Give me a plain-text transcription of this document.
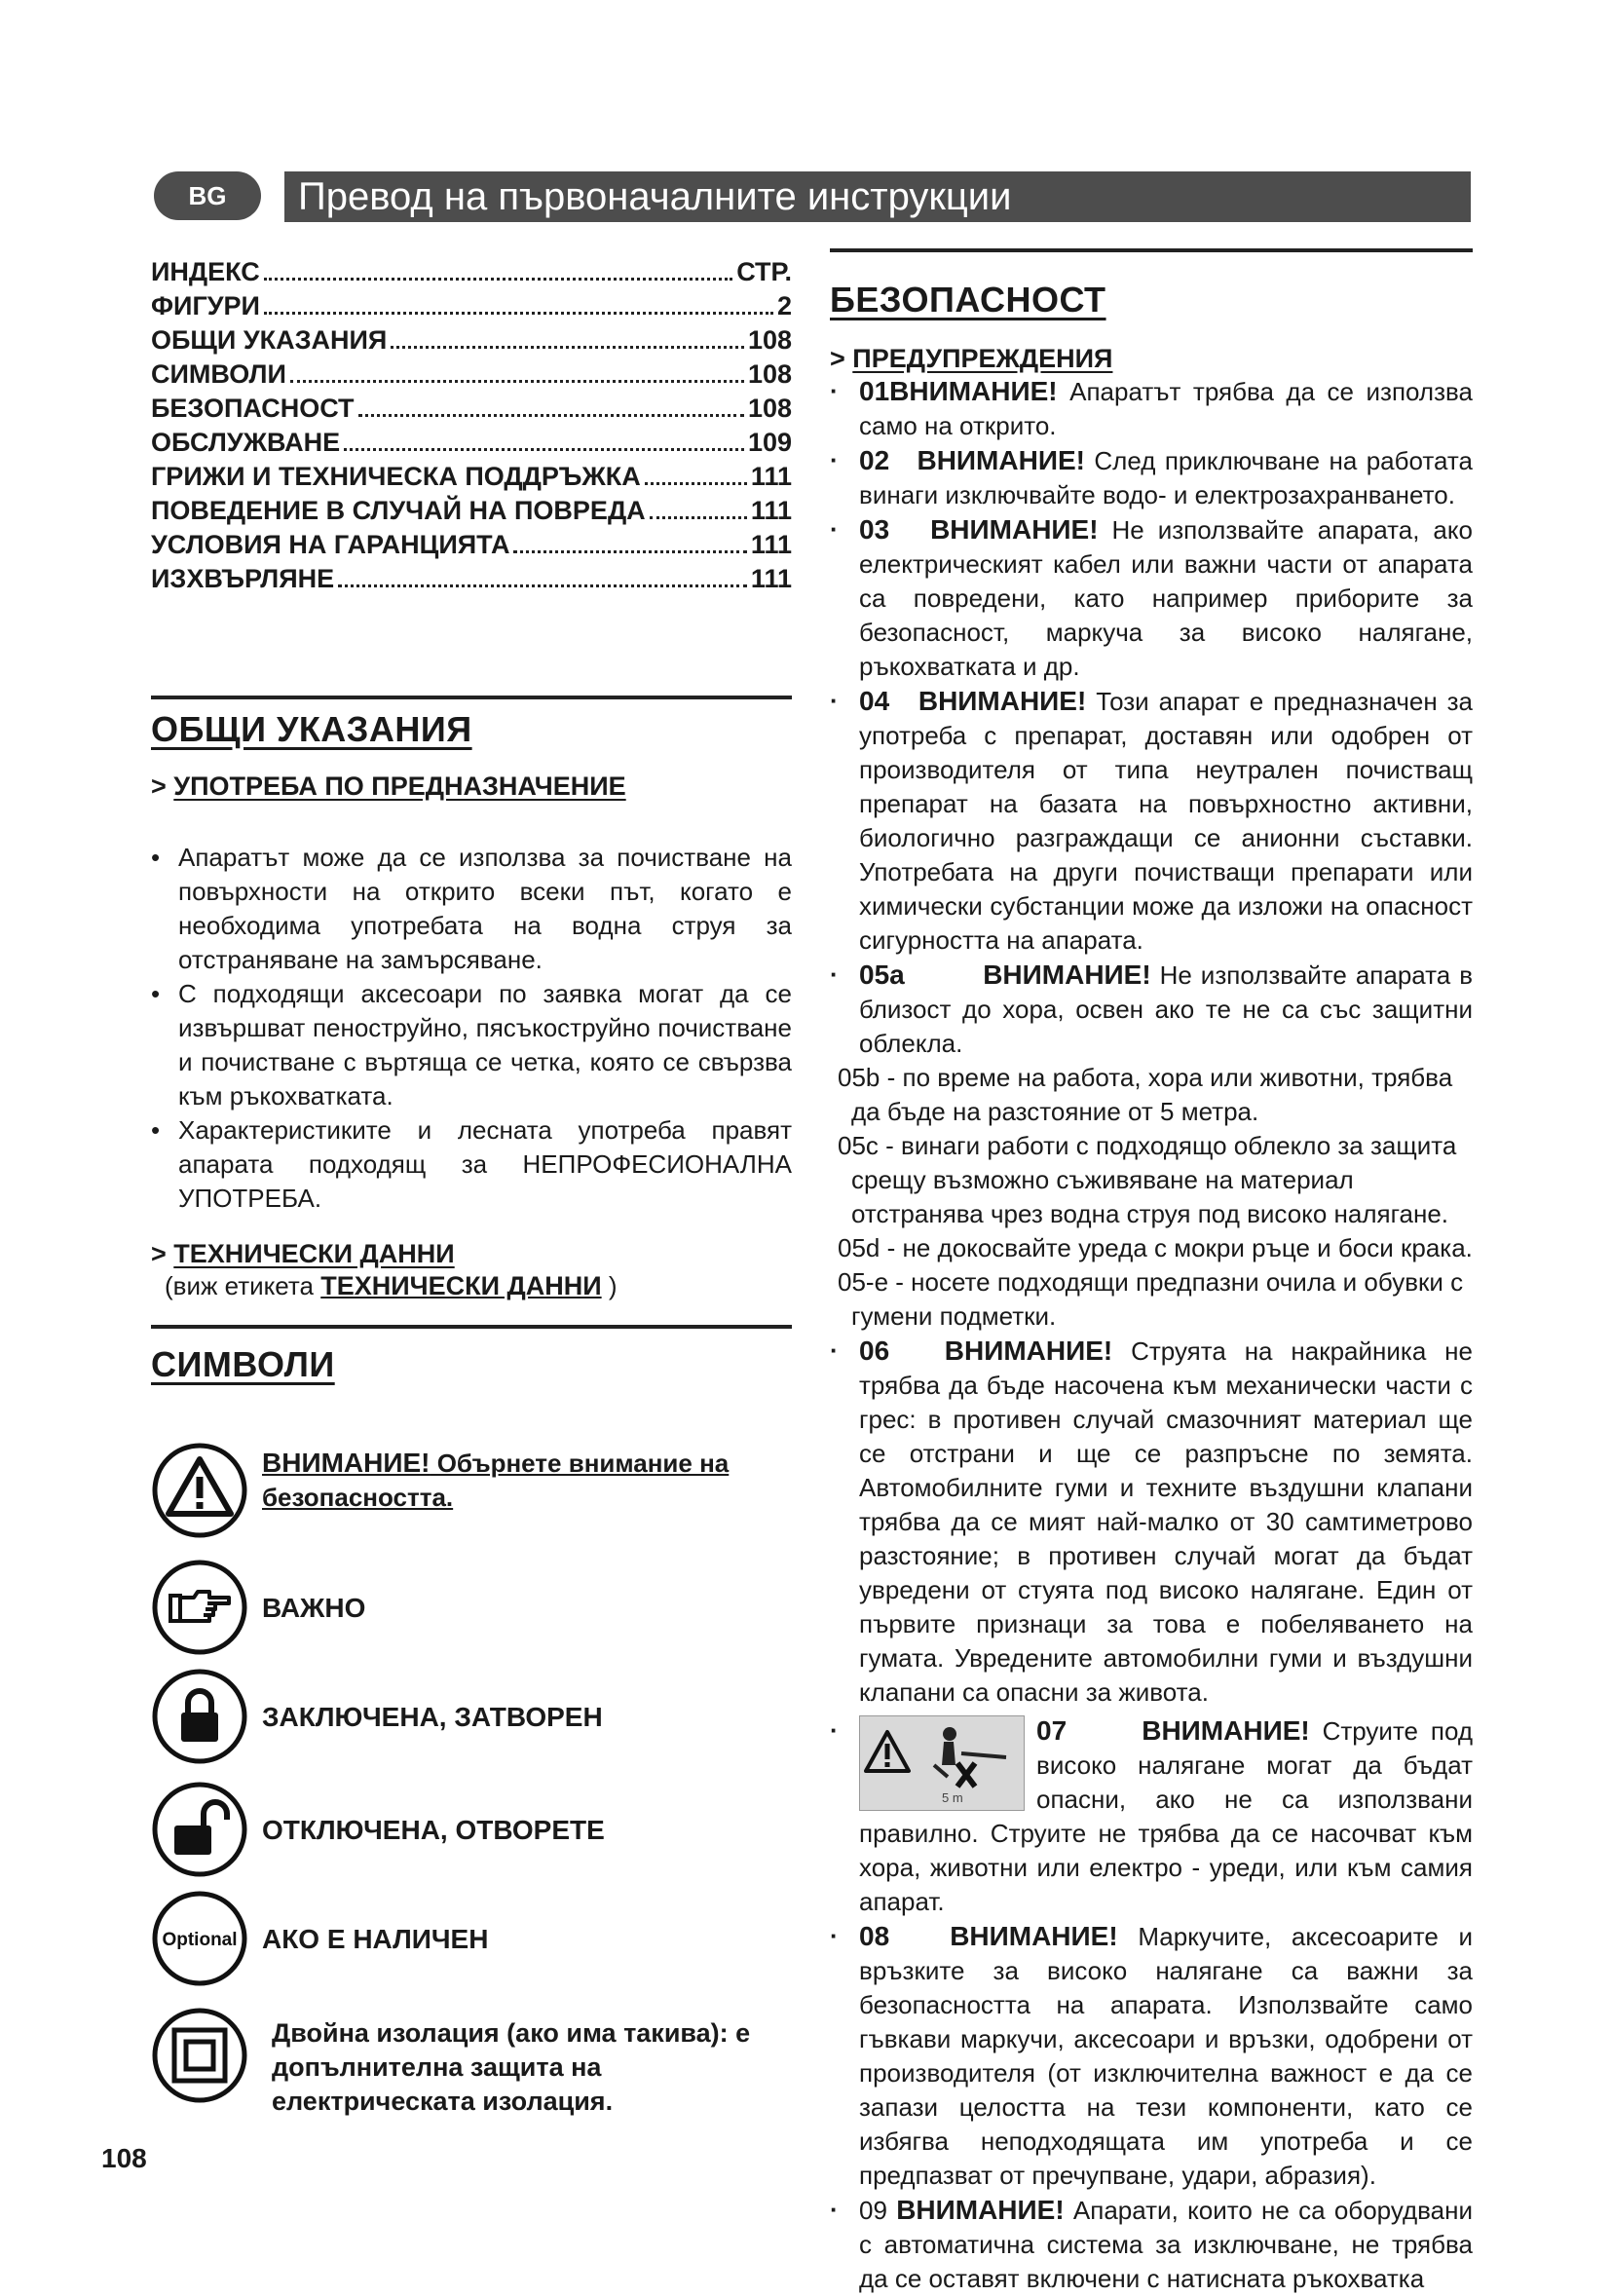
BG	Превод на първоначалните инструкции
ИНДЕКС	СТР.
ФИГУРИ	2
ОБЩИ УКАЗАНИЯ	108
СИМВОЛИ	108
БЕЗОПАСНОСТ	108
ОБСЛУЖВАНЕ	109
ГРИЖИ И ТЕХНИЧЕСКА ПОДДРЪЖКА	111
ПОВЕДЕНИЕ В СЛУЧАЙ НА ПОВРЕДА	111
УСЛОВИЯ НА ГАРАНЦИЯТА	111
ИЗХВЪРЛЯНЕ	111
ОБЩИ УКАЗАНИЯ
> УПОТРЕБА ПО ПРЕДНАЗНАЧЕНИЕ
• Апаратът може да се използва за почистване на повърхности на открито всеки път, когато е необходима употребата на водна струя за отстраняване на замърсяване.
• С подходящи аксесоари по заявка могат да се извършват пеноструйно, пясъкоструйно почистване и почистване с въртяща се четка, която се свързва към ръкохватката.
• Характеристиките и лесната употреба правят апарата подходящ за НЕПРОФЕСИОНАЛНА УПОТРЕБА.
> ТЕХНИЧЕСКИ ДАННИ
(виж етикета ТЕХНИЧЕСКИ ДАННИ )
СИМВОЛИ
ВНИМАНИЕ! Обърнете внимание на безопасността.
ВАЖНО
ЗАКЛЮЧЕНА, ЗАТВОРЕН
ОТКЛЮЧЕНА, ОТВОРЕТЕ
Optional АКО Е НАЛИЧЕН
Двойна изолация (ако има такива): е допълнителна защита на електрическата изолация.
БЕЗОПАСНОСТ
> ПРЕДУПРЕЖДЕНИЯ
· 01ВНИМАНИЕ! Апаратът трябва да се използва само на открито.
· 02 ВНИМАНИЕ! След приключване на работата винаги изключвайте водо- и електрозахранването.
· 03 ВНИМАНИЕ! Не използвайте апарата, ако електрическият кабел или важни части от апарата са повредени, като например приборите за безопасност, маркуча за високо налягане, ръкохватката и др.
· 04 ВНИМАНИЕ! Този апарат е предназначен за употреба с препарат, доставян или одобрен от производителя от типа неутрален почистващ препарат на базата на повърхностно активни, биологично разграждащи се анионни съставки. Употребата на други почистващи препарати или химически субстанции може да изложи на опасност сигурността на апарата.
· 05a	ВНИМАНИЕ! Не използвайте апарата в близост до хора, освен ако те не са със защитни облекла.
05b - по време на работа, хора или животни, трябва да бъде на разстояние от 5 метра.
05c - винаги работи с подходящо облекло за защита срещу възможно съживяване на материал отстранява чрез водна струя под високо налягане.
05d - не докосвайте уреда с мокри ръце и боси крака.
05-e - носете подходящи предпазни очила и обувки с гумени подметки.
· 06 ВНИМАНИЕ! Струята на накрайника не трябва да бъде насочена към механически части с грес: в противен случай смазочният материал ще се отстрани и ще се разпръсне по земята. Автомобилните гуми и техните въздушни клапани трябва да се мият най-малко от 30 самтиметрово разстояние; в противен случай могат да бъдат увредени от стуята под високо налягане. Един от първите признаци за това е побеляването на гумата. Увредените автомобилни гуми и въздушни клапани са опасни за живота.
·
5 m
07	ВНИМАНИЕ! Струите под високо налягане могат да бъдат опасни, ако не са използвани правилно. Струите не трябва да се насочват към хора, животни или електро - уреди, или към самия апарат.
· 08 ВНИМАНИЕ! Маркучите, аксесоарите и връзките за високо налягане са важни за безопасността на апарата. Използвайте само гъвкави маркучи, аксесоари и връзки, одобрени от производителя (от изключителна важност е да се запази целостта на тези компоненти, като се избягва неподходящата им употреба и се предпазват от пречупване, удари, абразия).
· 09 ВНИМАНИЕ! Апарати, които не са оборудвани с автоматична система за изключване, не трябва да се оставят включени с натисната ръкохватка
108
